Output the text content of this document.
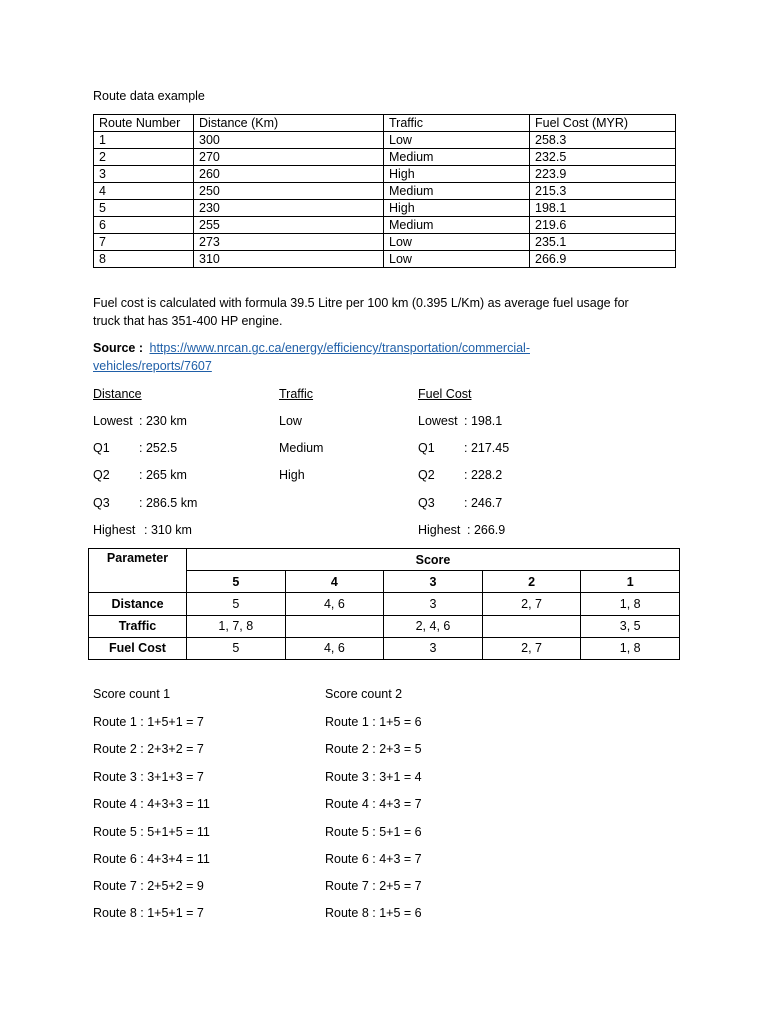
Route data example
Route Number	Distance (Km)	Traffic	Fuel Cost (MYR)
1	300	Low	258.3
2	270	Medium	232.5
3	260	High	223.9
4	250	Medium	215.3
5	230	High	198.1
6	255	Medium	219.6
7	273	Low	235.1
8	310	Low	266.9
Fuel cost is calculated with formula 39.5 Litre per 100 km (0.395 L/Km) as average fuel usage for
truck that has 351-400 HP engine.
Source : https://www.nrcan.gc.ca/energy/efficiency/transportation/commercial-
vehicles/reports/7607
Distance
Lowest : 230 km
Q1 : 252.5
Q2 : 265 km
Q3 : 286.5 km
Highest : 310 km
Traffic
Low
Medium
High
Fuel Cost
Lowest : 198.1
Q1 : 217.45
Q2 : 228.2
Q3 : 246.7
Highest : 266.9
Parameter	Score				
	5	4	3	2	1
Distance	5	4, 6	3	2, 7	1, 8
Traffic	1, 7, 8		2, 4, 6		3, 5
Fuel Cost	5	4, 6	3	2, 7	1, 8
Score count 1
Route 1 : 1+5+1 = 7
Route 2 : 2+3+2 = 7
Route 3 : 3+1+3 = 7
Route 4 : 4+3+3 = 11
Route 5 : 5+1+5 = 11
Route 6 : 4+3+4 = 11
Route 7 : 2+5+2 = 9
Route 8 : 1+5+1 = 7
Score count 2
Route 1 : 1+5 = 6
Route 2 : 2+3 = 5
Route 3 : 3+1 = 4
Route 4 : 4+3 = 7
Route 5 : 5+1 = 6
Route 6 : 4+3 = 7
Route 7 : 2+5 = 7
Route 8 : 1+5 = 6
